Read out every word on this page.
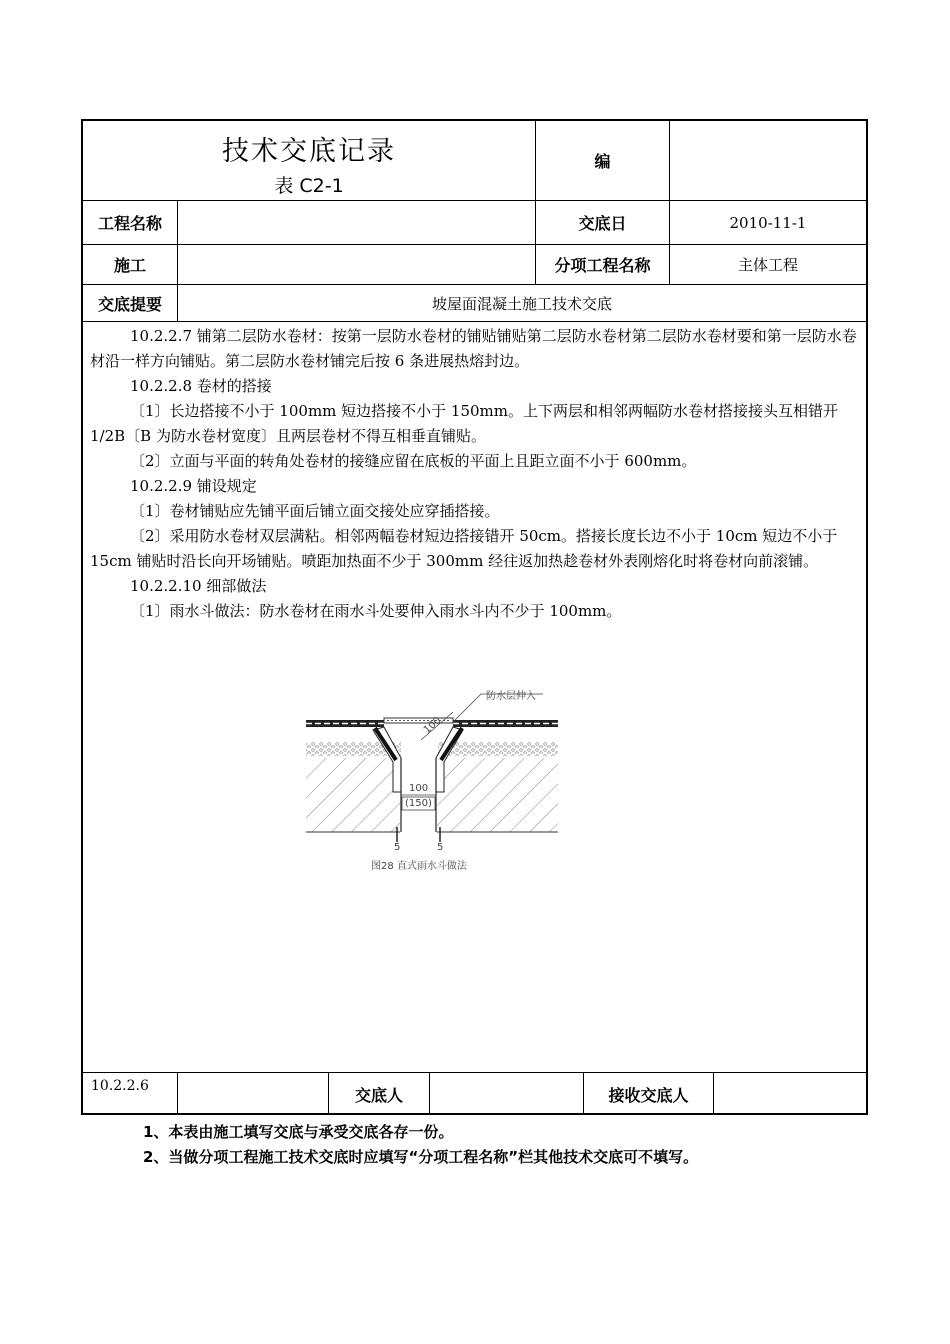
技术交底记录
表 C2-1
编
工程名称	交底日	2010-11-1
施工	分项工程名称	主体工程
交底提要	坡屋面混凝土施工技术交底

10.2.2.7 铺第二层防水卷材：按第一层防水卷材的铺贴铺贴第二层防水卷材第二层防水卷材要和第一层防水卷材沿一样方向铺贴。第二层防水卷材铺完后按 6 条进展热熔封边。

10.2.2.8 卷材的搭接

〔1〕长边搭接不小于 100mm 短边搭接不小于 150mm。上下两层和相邻两幅防水卷材搭接接头互相错开 1/2B〔B 为防水卷材宽度〕且两层卷材不得互相垂直铺贴。

〔2〕立面与平面的转角处卷材的接缝应留在底板的平面上且距立面不小于 600mm。

10.2.2.9 铺设规定

〔1〕卷材铺贴应先铺平面后铺立面交接处应穿插搭接。

〔2〕采用防水卷材双层满粘。相邻两幅卷材短边搭接错开 50cm。搭接长度长边不小于 10cm 短边不小于 15cm 铺贴时沿长向开场铺贴。喷距加热面不少于 300mm 经往返加热趁卷材外表刚熔化时将卷材向前滚铺。

10.2.2.10 细部做法

〔1〕雨水斗做法：防水卷材在雨水斗处要伸入雨水斗内不少于 100mm。

防水层伸入
100
100
(150)
5	5
图28 直式雨水斗做法
10.2.2.6	交底人	接收交底人
1、本表由施工填写交底与承受交底各存一份。
2、当做分项工程施工技术交底时应填写“分项工程名称”栏其他技术交底可不填写。
